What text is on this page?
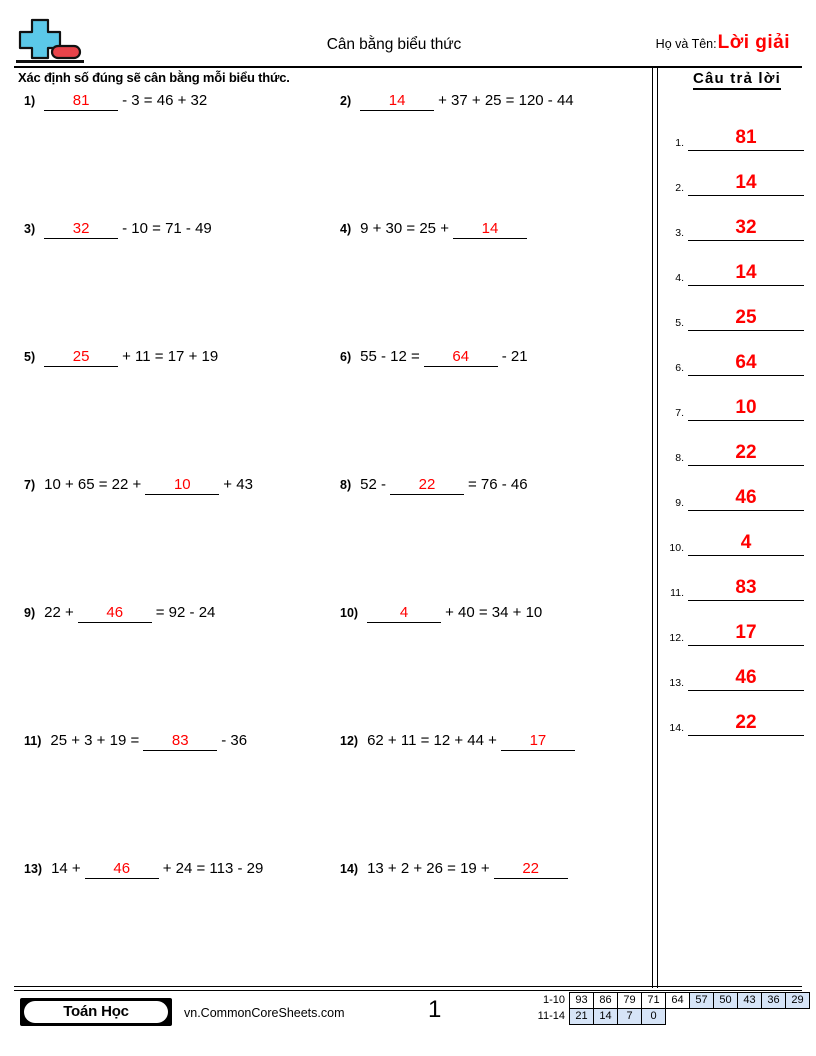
Cân bằng biểu thức	Họ và Tên: Lời giải
Xác định số đúng sẽ cân bằng mỗi biểu thức.
1)	81	- 3 = 46 + 32	2)	14	+ 37 + 25 = 120 - 44
3)	32	- 10 = 71 - 49	4) 9 + 30 = 25 +	14
5)	25	+ 11 = 17 + 19	6) 55 - 12 =	64	- 21
7) 10 + 65 = 22 +	10	+ 43	8) 52 -	22	= 76 - 46
9) 22 +	46	= 92 - 24	10)	4	+ 40 = 34 + 10
11) 25 + 3 + 19 =	83	- 36	12) 62 + 11 = 12 + 44 +	17
13) 14 +	46	+ 24 = 113 - 29	14) 13 + 2 + 26 = 19 +	22
Câu trả lời
1.	81
2.	14
3.	32
4.	14
5.	25
6.	64
7.	10
8.	22
9.	46
10.	4
11.	83
12.	17
13.	46
14.	22
Toán Học	vn.CommonCoreSheets.com	1	1-10	93	86	79	71	64	57	50	43	36	29
11-14	21	14	7	0						
